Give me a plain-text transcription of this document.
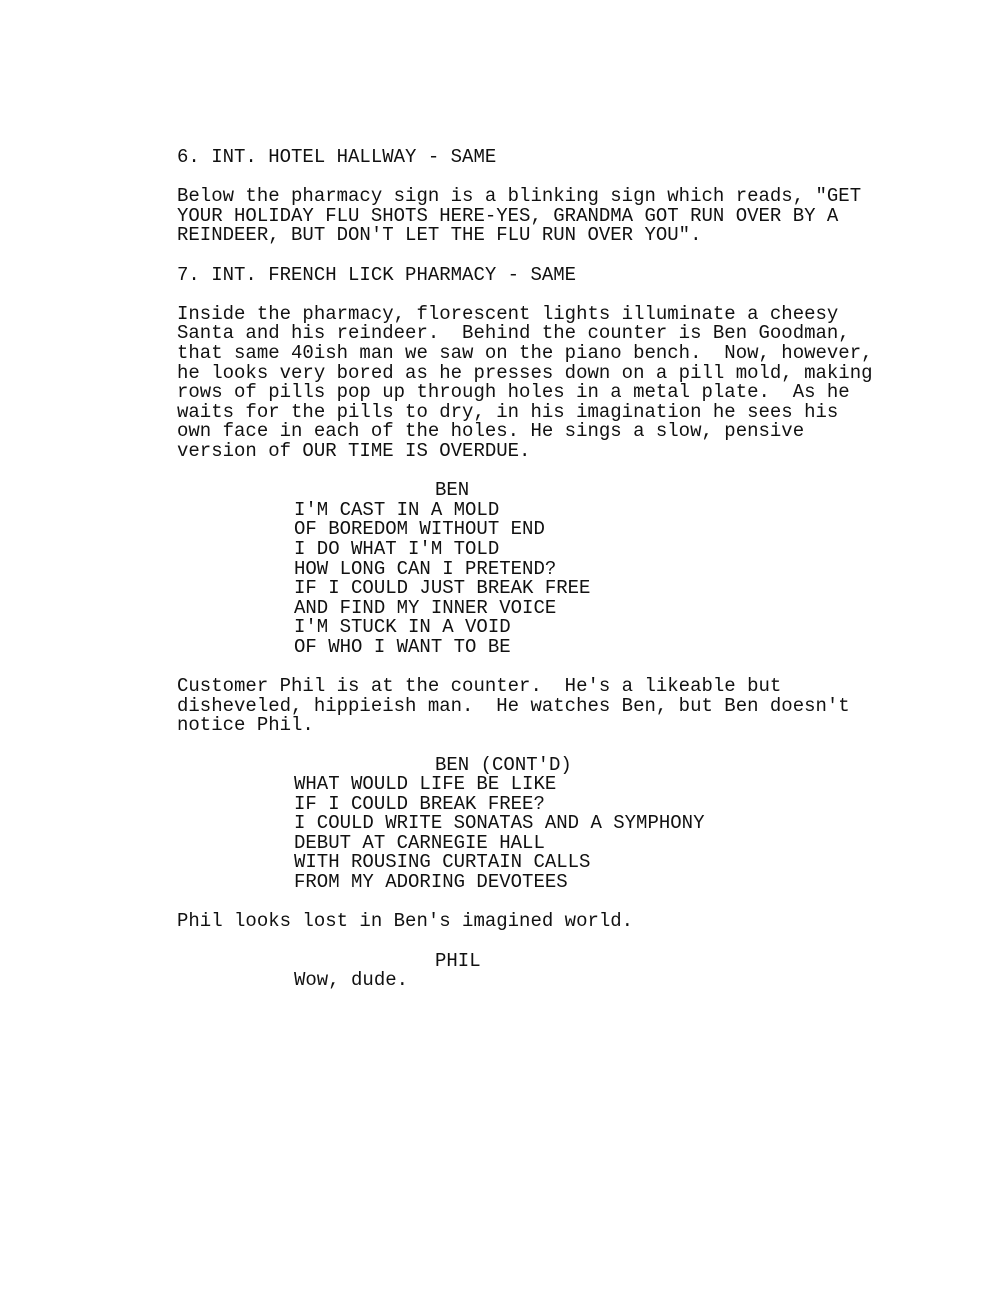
6. INT. HOTEL HALLWAY - SAME
Below the pharmacy sign is a blinking sign which reads, "GET
YOUR HOLIDAY FLU SHOTS HERE-YES, GRANDMA GOT RUN OVER BY A
REINDEER, BUT DON'T LET THE FLU RUN OVER YOU".
7. INT. FRENCH LICK PHARMACY - SAME
Inside the pharmacy, florescent lights illuminate a cheesy
Santa and his reindeer.  Behind the counter is Ben Goodman,
that same 40ish man we saw on the piano bench.  Now, however,
he looks very bored as he presses down on a pill mold, making
rows of pills pop up through holes in a metal plate.  As he
waits for the pills to dry, in his imagination he sees his
own face in each of the holes. He sings a slow, pensive
version of OUR TIME IS OVERDUE.
BEN
I'M CAST IN A MOLD
OF BOREDOM WITHOUT END
I DO WHAT I'M TOLD
HOW LONG CAN I PRETEND?
IF I COULD JUST BREAK FREE
AND FIND MY INNER VOICE
I'M STUCK IN A VOID
OF WHO I WANT TO BE
Customer Phil is at the counter.  He's a likeable but
disheveled, hippieish man.  He watches Ben, but Ben doesn't
notice Phil.
BEN (CONT'D)
WHAT WOULD LIFE BE LIKE
IF I COULD BREAK FREE?
I COULD WRITE SONATAS AND A SYMPHONY
DEBUT AT CARNEGIE HALL
WITH ROUSING CURTAIN CALLS
FROM MY ADORING DEVOTEES
Phil looks lost in Ben's imagined world.
PHIL
Wow, dude.
